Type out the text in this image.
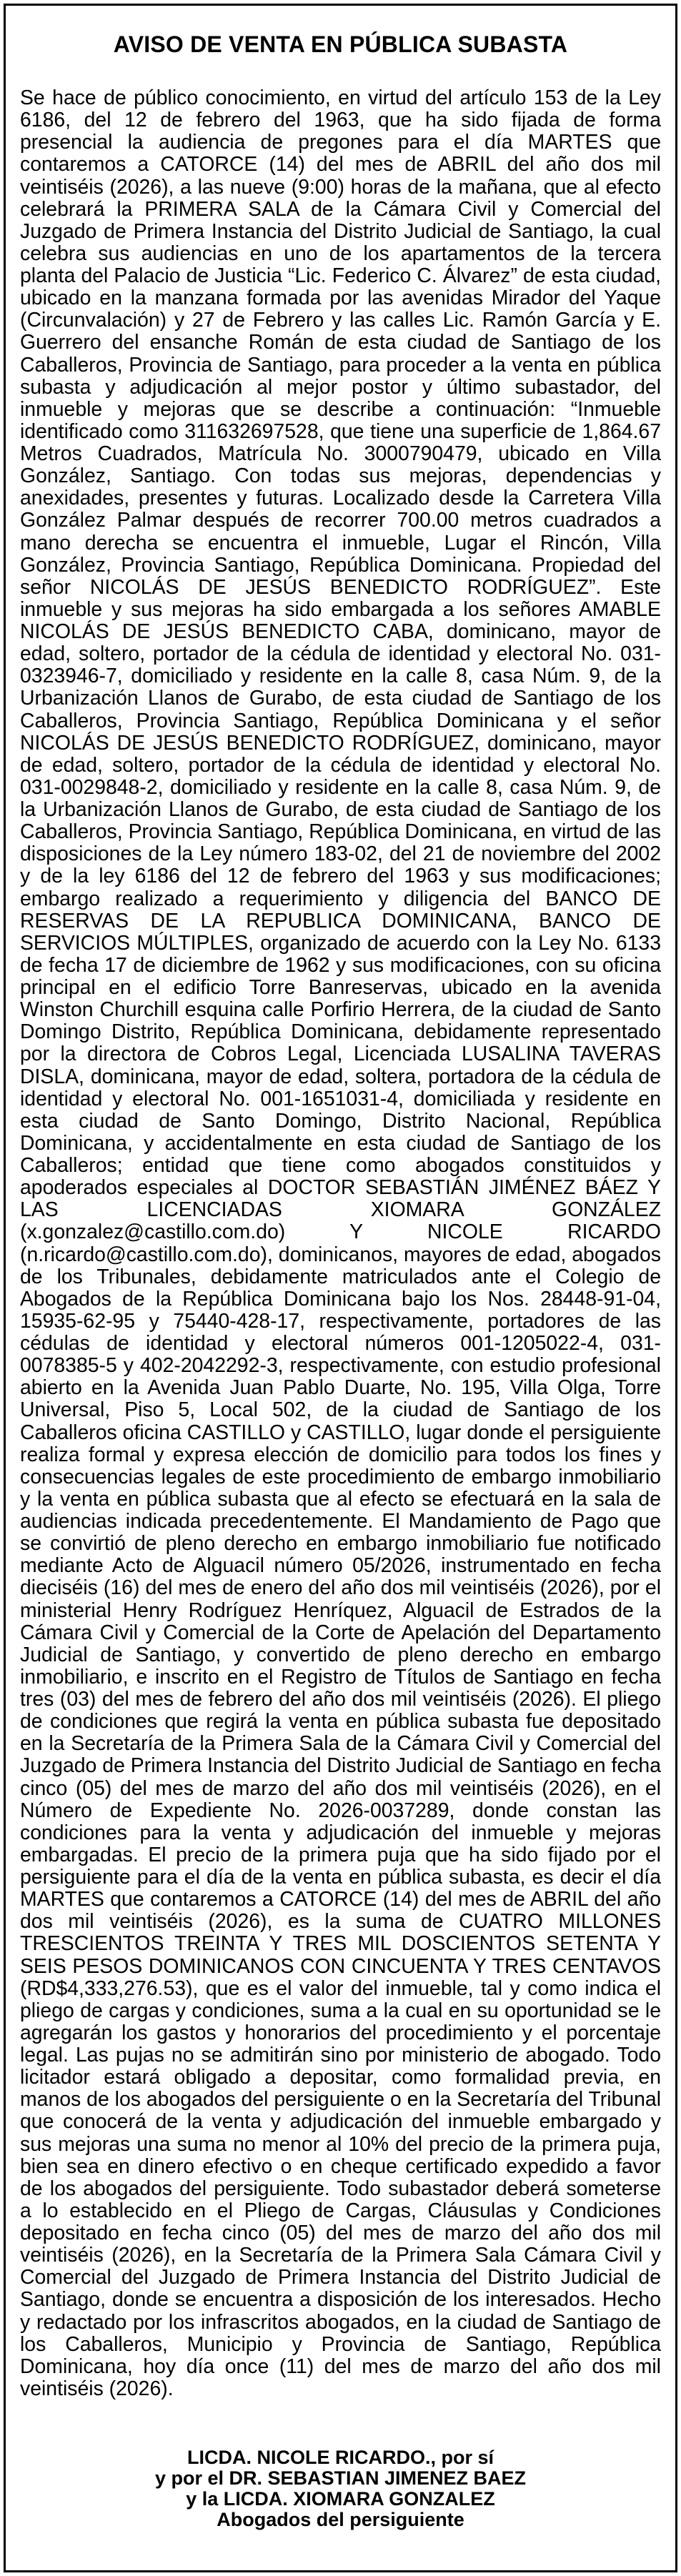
AVISO DE VENTA EN PÚBLICA SUBASTA

Se hace de público conocimiento, en virtud del artículo 153 de la Ley 6186, del 12 de febrero del 1963, que ha sido fijada de forma presencial la audiencia de pregones para el día MARTES que contaremos a CATORCE (14) del mes de ABRIL del año dos mil veintiséis (2026), a las nueve (9:00) horas de la mañana, que al efecto celebrará la PRIMERA SALA de la Cámara Civil y Comercial del Juzgado de Primera Instancia del Distrito Judicial de Santiago, la cual celebra sus audiencias en uno de los apartamentos de la tercera planta del Palacio de Justicia “Lic. Federico C. Álvarez” de esta ciudad, ubicado en la manzana formada por las avenidas Mirador del Yaque (Circunvalación) y 27 de Febrero y las calles Lic. Ramón García y E. Guerrero del ensanche Román de esta ciudad de Santiago de los Caballeros, Provincia de Santiago, para proceder a la venta en pública subasta y adjudicación al mejor postor y último subastador, del inmueble y mejoras que se describe a continuación: “Inmueble identificado como 311632697528, que tiene una superficie de 1,864.67 Metros Cuadrados, Matrícula No. 3000790479, ubicado en Villa González, Santiago. Con todas sus mejoras, dependencias y anexidades, presentes y futuras. Localizado desde la Carretera Villa González Palmar después de recorrer 700.00 metros cuadrados a mano derecha se encuentra el inmueble, Lugar el Rincón, Villa González, Provincia Santiago, República Dominicana. Propiedad del señor NICOLÁS DE JESÚS BENEDICTO RODRÍGUEZ”. Este inmueble y sus mejoras ha sido embargada a los señores AMABLE NICOLÁS DE JESÚS BENEDICTO CABA, dominicano, mayor de edad, soltero, portador de la cédula de identidad y electoral No. 031-0323946-7, domiciliado y residente en la calle 8, casa Núm. 9, de la Urbanización Llanos de Gurabo, de esta ciudad de Santiago de los Caballeros, Provincia Santiago, República Dominicana y el señor NICOLÁS DE JESÚS BENEDICTO RODRÍGUEZ, dominicano, mayor de edad, soltero, portador de la cédula de identidad y electoral No. 031-0029848-2, domiciliado y residente en la calle 8, casa Núm. 9, de la Urbanización Llanos de Gurabo, de esta ciudad de Santiago de los Caballeros, Provincia Santiago, República Dominicana, en virtud de las disposiciones de la Ley número 183-02, del 21 de noviembre del 2002 y de la ley 6186 del 12 de febrero del 1963 y sus modificaciones; embargo realizado a requerimiento y diligencia del BANCO DE RESERVAS DE LA REPUBLICA DOMINICANA, BANCO DE SERVICIOS MÚLTIPLES, organizado de acuerdo con la Ley No. 6133 de fecha 17 de diciembre de 1962 y sus modificaciones, con su oficina principal en el edificio Torre Banreservas, ubicado en la avenida Winston Churchill esquina calle Porfirio Herrera, de la ciudad de Santo Domingo Distrito, República Dominicana, debidamente representado por la directora de Cobros Legal, Licenciada LUSALINA TAVERAS DISLA, dominicana, mayor de edad, soltera, portadora de la cédula de identidad y electoral No. 001-1651031-4, domiciliada y residente en esta ciudad de Santo Domingo, Distrito Nacional, República Dominicana, y accidentalmente en esta ciudad de Santiago de los Caballeros; entidad que tiene como abogados constituidos y apoderados especiales al DOCTOR SEBASTIÁN JIMÉNEZ BÁEZ Y LAS LICENCIADAS XIOMARA GONZÁLEZ (x.gonzalez@castillo.com.do) Y NICOLE RICARDO (n.ricardo@castillo.com.do), dominicanos, mayores de edad, abogados de los Tribunales, debidamente matriculados ante el Colegio de Abogados de la República Dominicana bajo los Nos. 28448-91-04, 15935-62-95 y 75440-428-17, respectivamente, portadores de las cédulas de identidad y electoral números 001-1205022-4, 031-0078385-5 y 402-2042292-3, respectivamente, con estudio profesional abierto en la Avenida Juan Pablo Duarte, No. 195, Villa Olga, Torre Universal, Piso 5, Local 502, de la ciudad de Santiago de los Caballeros oficina CASTILLO y CASTILLO, lugar donde el persiguiente realiza formal y expresa elección de domicilio para todos los fines y consecuencias legales de este procedimiento de embargo inmobiliario y la venta en pública subasta que al efecto se efectuará en la sala de audiencias indicada precedentemente. El Mandamiento de Pago que se convirtió de pleno derecho en embargo inmobiliario fue notificado mediante Acto de Alguacil número 05/2026, instrumentado en fecha dieciséis (16) del mes de enero del año dos mil veintiséis (2026), por el ministerial Henry Rodríguez Henríquez, Alguacil de Estrados de la Cámara Civil y Comercial de la Corte de Apelación del Departamento Judicial de Santiago, y convertido de pleno derecho en embargo inmobiliario, e inscrito en el Registro de Títulos de Santiago en fecha tres (03) del mes de febrero del año dos mil veintiséis (2026). El pliego de condiciones que regirá la venta en pública subasta fue depositado en la Secretaría de la Primera Sala de la Cámara Civil y Comercial del Juzgado de Primera Instancia del Distrito Judicial de Santiago en fecha cinco (05) del mes de marzo del año dos mil veintiséis (2026), en el Número de Expediente No. 2026-0037289, donde constan las condiciones para la venta y adjudicación del inmueble y mejoras embargadas. El precio de la primera puja que ha sido fijado por el persiguiente para el día de la venta en pública subasta, es decir el día MARTES que contaremos a CATORCE (14) del mes de ABRIL del año dos mil veintiséis (2026), es la suma de CUATRO MILLONES TRESCIENTOS TREINTA Y TRES MIL DOSCIENTOS SETENTA Y SEIS PESOS DOMINICANOS CON CINCUENTA Y TRES CENTAVOS (RD$4,333,276.53), que es el valor del inmueble, tal y como indica el pliego de cargas y condiciones, suma a la cual en su oportunidad se le agregarán los gastos y honorarios del procedimiento y el porcentaje legal. Las pujas no se admitirán sino por ministerio de abogado. Todo licitador estará obligado a depositar, como formalidad previa, en manos de los abogados del persiguiente o en la Secretaría del Tribunal que conocerá de la venta y adjudicación del inmueble embargado y sus mejoras una suma no menor al 10% del precio de la primera puja, bien sea en dinero efectivo o en cheque certificado expedido a favor de los abogados del persiguiente. Todo subastador deberá someterse a lo establecido en el Pliego de Cargas, Cláusulas y Condiciones depositado en fecha cinco (05) del mes de marzo del año dos mil veintiséis (2026), en la Secretaría de la Primera Sala Cámara Civil y Comercial del Juzgado de Primera Instancia del Distrito Judicial de Santiago, donde se encuentra a disposición de los interesados. Hecho y redactado por los infrascritos abogados, en la ciudad de Santiago de los Caballeros, Municipio y Provincia de Santiago, República Dominicana, hoy día once (11) del mes de marzo del año dos mil veintiséis (2026).

LICDA. NICOLE RICARDO., por sí
y por el DR. SEBASTIAN JIMENEZ BAEZ
y la LICDA. XIOMARA GONZALEZ
Abogados del persiguiente
